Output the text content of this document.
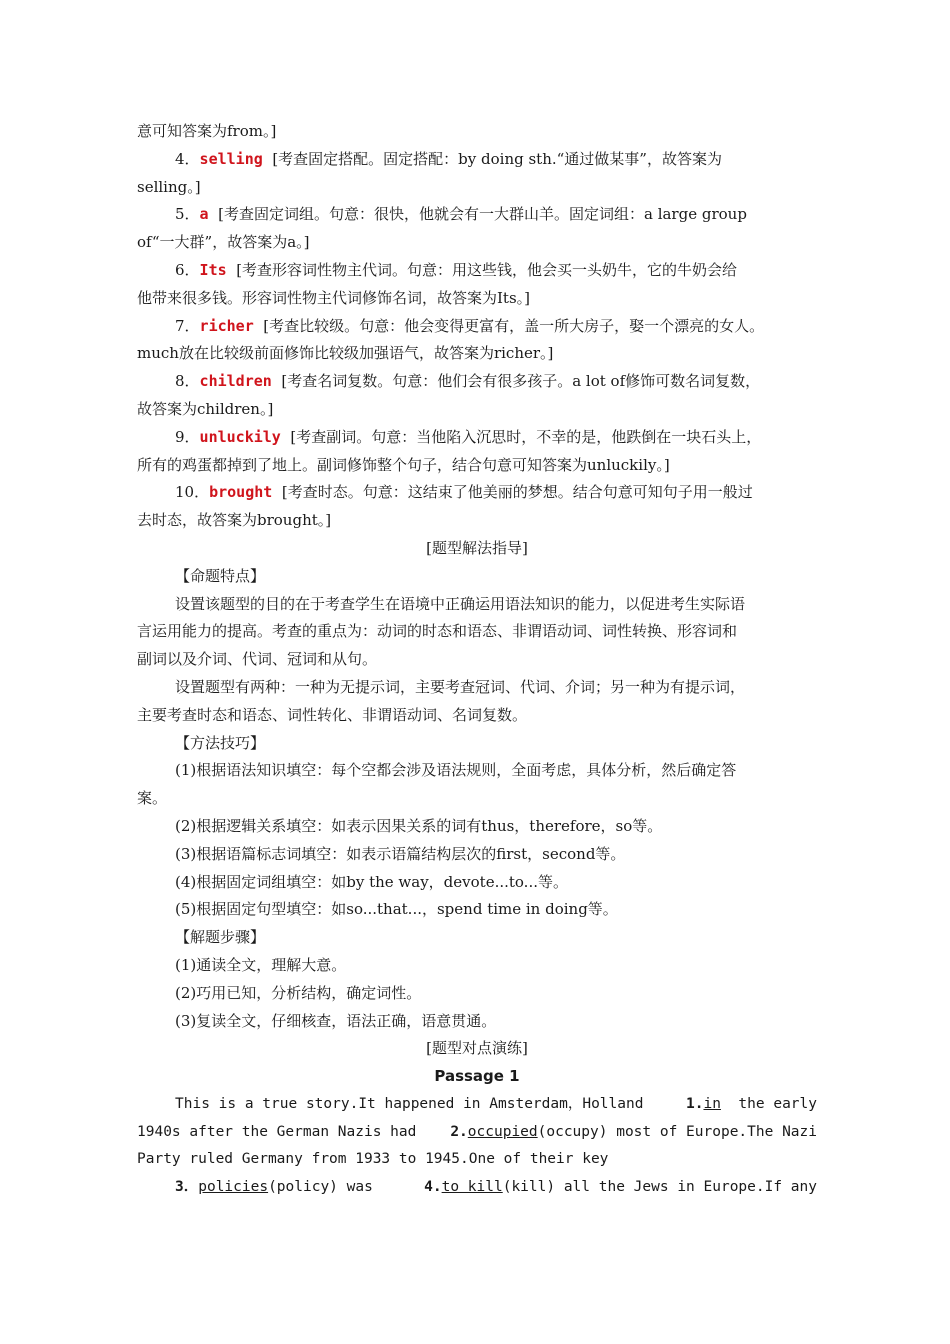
意可知答案为from。]

4．selling [考查固定搭配。固定搭配：by doing sth.“通过做某事”，故答案为

selling。]

5．a [考查固定词组。句意：很快，他就会有一大群山羊。固定词组：a large group

of“一大群”，故答案为a。]

6．Its [考查形容词性物主代词。句意：用这些钱，他会买一头奶牛，它的牛奶会给

他带来很多钱。形容词性物主代词修饰名词，故答案为Its。]

7．richer [考查比较级。句意：他会变得更富有，盖一所大房子，娶一个漂亮的女人。

much放在比较级前面修饰比较级加强语气，故答案为richer。]

8．children [考查名词复数。句意：他们会有很多孩子。a lot of修饰可数名词复数，

故答案为children。]

9．unluckily [考查副词。句意：当他陷入沉思时，不幸的是，他跌倒在一块石头上，

所有的鸡蛋都掉到了地上。副词修饰整个句子，结合句意可知答案为unluckily。]

10．brought [考查时态。句意：这结束了他美丽的梦想。结合句意可知句子用一般过

去时态，故答案为brought。]

[题型解法指导]

【命题特点】

设置该题型的目的在于考查学生在语境中正确运用语法知识的能力，以促进考生实际语

言运用能力的提高。考查的重点为：动词的时态和语态、非谓语动词、词性转换、形容词和

副词以及介词、代词、冠词和从句。

设置题型有两种：一种为无提示词，主要考查冠词、代词、介词；另一种为有提示词，

主要考查时态和语态、词性转化、非谓语动词、名词复数。

【方法技巧】

(1)根据语法知识填空：每个空都会涉及语法规则，全面考虑，具体分析，然后确定答

案。

(2)根据逻辑关系填空：如表示因果关系的词有thus，therefore，so等。

(3)根据语篇标志词填空：如表示语篇结构层次的first，second等。

(4)根据固定词组填空：如by the way，devote...to...等。

(5)根据固定句型填空：如so...that...，spend time in doing等。

【解题步骤】

(1)通读全文，理解大意。

(2)巧用已知，分析结构，确定词性。

(3)复读全文，仔细核查，语法正确，语意贯通。

[题型对点演练]

Passage 1

This is a true story.It happened in Amsterdam，Holland	1.in the early

1940s after the German Nazis had 2.occupied(occupy) most of Europe.The Nazi

Party ruled Germany from 1933 to 1945.One of their key

3．policies(policy) was	4.to kill(kill) all the Jews in Europe.If any
